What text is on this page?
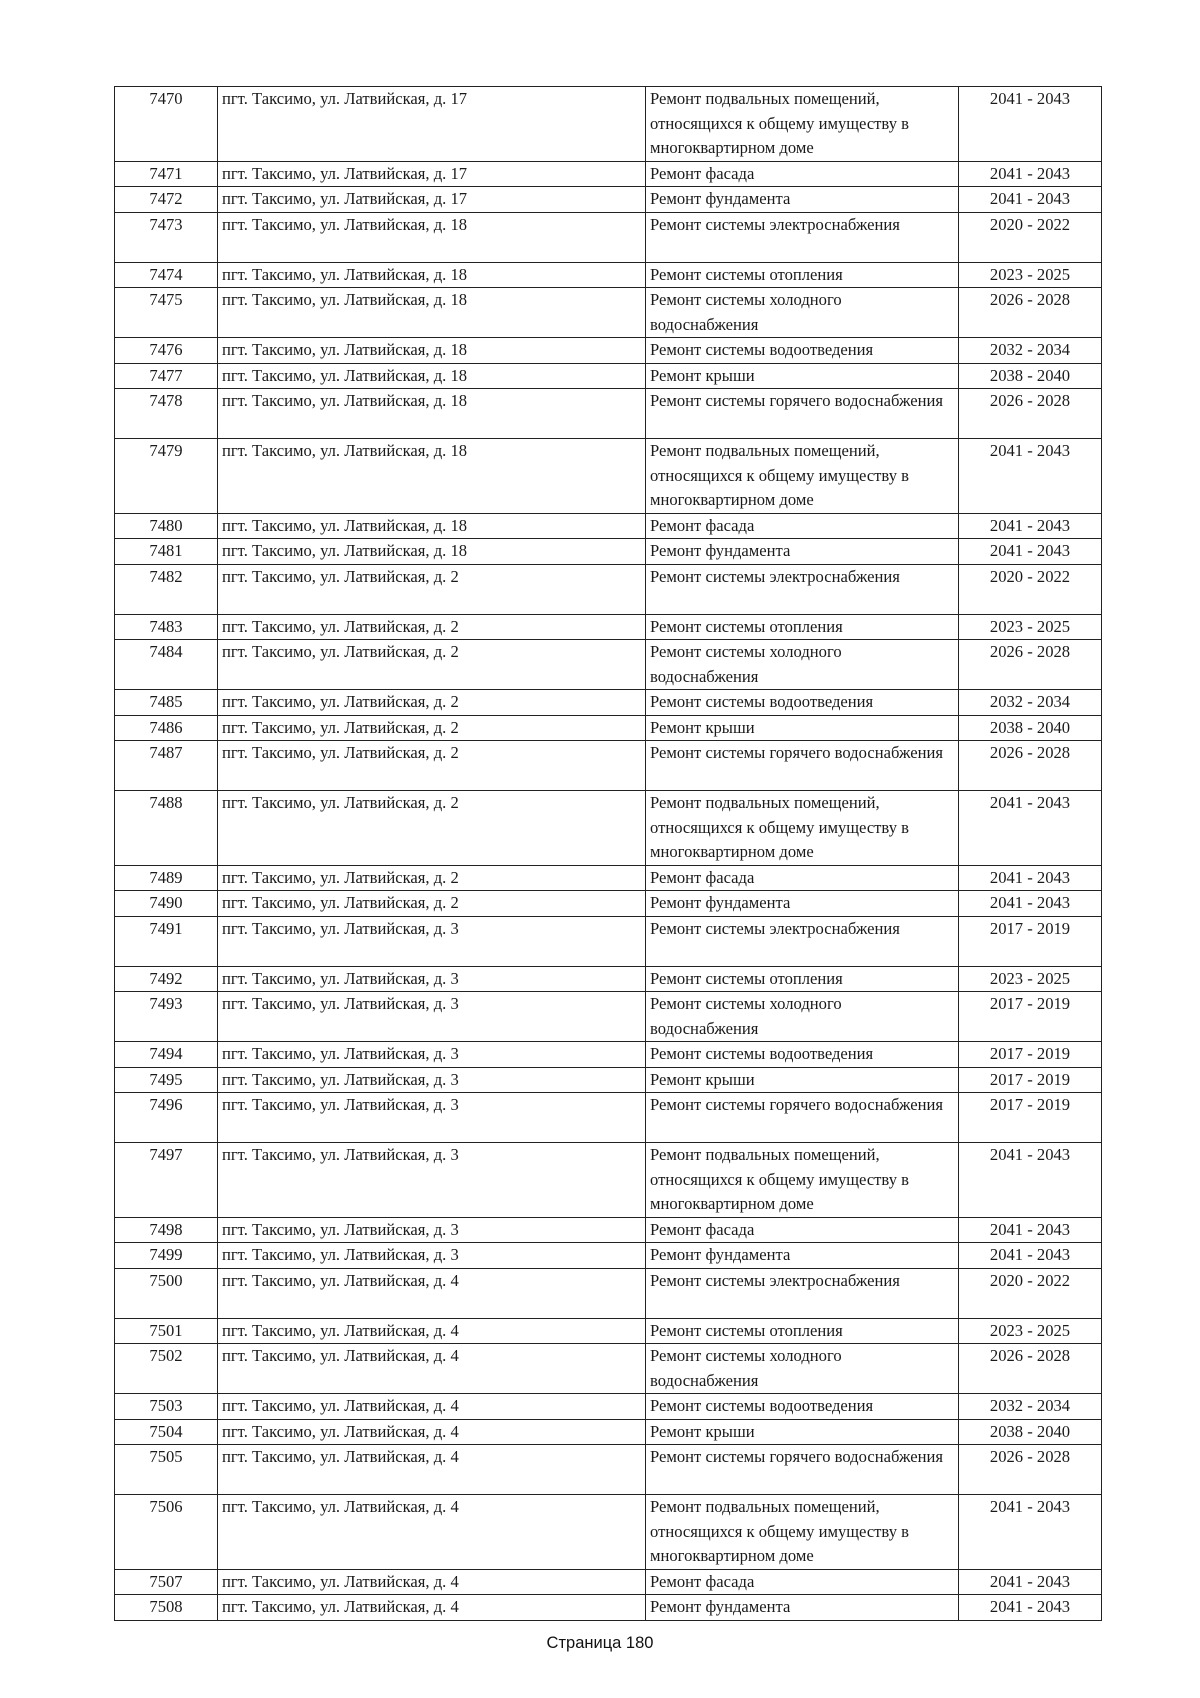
7470	пгт. Таксимо, ул. Латвийская, д. 17	Ремонт подвальных помещений, относящихся к общему имуществу в многоквартирном доме	2041 - 2043
7471	пгт. Таксимо, ул. Латвийская, д. 17	Ремонт фасада	2041 - 2043
7472	пгт. Таксимо, ул. Латвийская, д. 17	Ремонт фундамента	2041 - 2043
7473	пгт. Таксимо, ул. Латвийская, д. 18	Ремонт системы электроснабжения	2020 - 2022
7474	пгт. Таксимо, ул. Латвийская, д. 18	Ремонт системы отопления	2023 - 2025
7475	пгт. Таксимо, ул. Латвийская, д. 18	Ремонт системы холодного водоснабжения	2026 - 2028
7476	пгт. Таксимо, ул. Латвийская, д. 18	Ремонт системы водоотведения	2032 - 2034
7477	пгт. Таксимо, ул. Латвийская, д. 18	Ремонт крыши	2038 - 2040
7478	пгт. Таксимо, ул. Латвийская, д. 18	Ремонт системы горячего водоснабжения	2026 - 2028
7479	пгт. Таксимо, ул. Латвийская, д. 18	Ремонт подвальных помещений, относящихся к общему имуществу в многоквартирном доме	2041 - 2043
7480	пгт. Таксимо, ул. Латвийская, д. 18	Ремонт фасада	2041 - 2043
7481	пгт. Таксимо, ул. Латвийская, д. 18	Ремонт фундамента	2041 - 2043
7482	пгт. Таксимо, ул. Латвийская, д. 2	Ремонт системы электроснабжения	2020 - 2022
7483	пгт. Таксимо, ул. Латвийская, д. 2	Ремонт системы отопления	2023 - 2025
7484	пгт. Таксимо, ул. Латвийская, д. 2	Ремонт системы холодного водоснабжения	2026 - 2028
7485	пгт. Таксимо, ул. Латвийская, д. 2	Ремонт системы водоотведения	2032 - 2034
7486	пгт. Таксимо, ул. Латвийская, д. 2	Ремонт крыши	2038 - 2040
7487	пгт. Таксимо, ул. Латвийская, д. 2	Ремонт системы горячего водоснабжения	2026 - 2028
7488	пгт. Таксимо, ул. Латвийская, д. 2	Ремонт подвальных помещений, относящихся к общему имуществу в многоквартирном доме	2041 - 2043
7489	пгт. Таксимо, ул. Латвийская, д. 2	Ремонт фасада	2041 - 2043
7490	пгт. Таксимо, ул. Латвийская, д. 2	Ремонт фундамента	2041 - 2043
7491	пгт. Таксимо, ул. Латвийская, д. 3	Ремонт системы электроснабжения	2017 - 2019
7492	пгт. Таксимо, ул. Латвийская, д. 3	Ремонт системы отопления	2023 - 2025
7493	пгт. Таксимо, ул. Латвийская, д. 3	Ремонт системы холодного водоснабжения	2017 - 2019
7494	пгт. Таксимо, ул. Латвийская, д. 3	Ремонт системы водоотведения	2017 - 2019
7495	пгт. Таксимо, ул. Латвийская, д. 3	Ремонт крыши	2017 - 2019
7496	пгт. Таксимо, ул. Латвийская, д. 3	Ремонт системы горячего водоснабжения	2017 - 2019
7497	пгт. Таксимо, ул. Латвийская, д. 3	Ремонт подвальных помещений, относящихся к общему имуществу в многоквартирном доме	2041 - 2043
7498	пгт. Таксимо, ул. Латвийская, д. 3	Ремонт фасада	2041 - 2043
7499	пгт. Таксимо, ул. Латвийская, д. 3	Ремонт фундамента	2041 - 2043
7500	пгт. Таксимо, ул. Латвийская, д. 4	Ремонт системы электроснабжения	2020 - 2022
7501	пгт. Таксимо, ул. Латвийская, д. 4	Ремонт системы отопления	2023 - 2025
7502	пгт. Таксимо, ул. Латвийская, д. 4	Ремонт системы холодного водоснабжения	2026 - 2028
7503	пгт. Таксимо, ул. Латвийская, д. 4	Ремонт системы водоотведения	2032 - 2034
7504	пгт. Таксимо, ул. Латвийская, д. 4	Ремонт крыши	2038 - 2040
7505	пгт. Таксимо, ул. Латвийская, д. 4	Ремонт системы горячего водоснабжения	2026 - 2028
7506	пгт. Таксимо, ул. Латвийская, д. 4	Ремонт подвальных помещений, относящихся к общему имуществу в многоквартирном доме	2041 - 2043
7507	пгт. Таксимо, ул. Латвийская, д. 4	Ремонт фасада	2041 - 2043
7508	пгт. Таксимо, ул. Латвийская, д. 4	Ремонт фундамента	2041 - 2043
Страница 180
